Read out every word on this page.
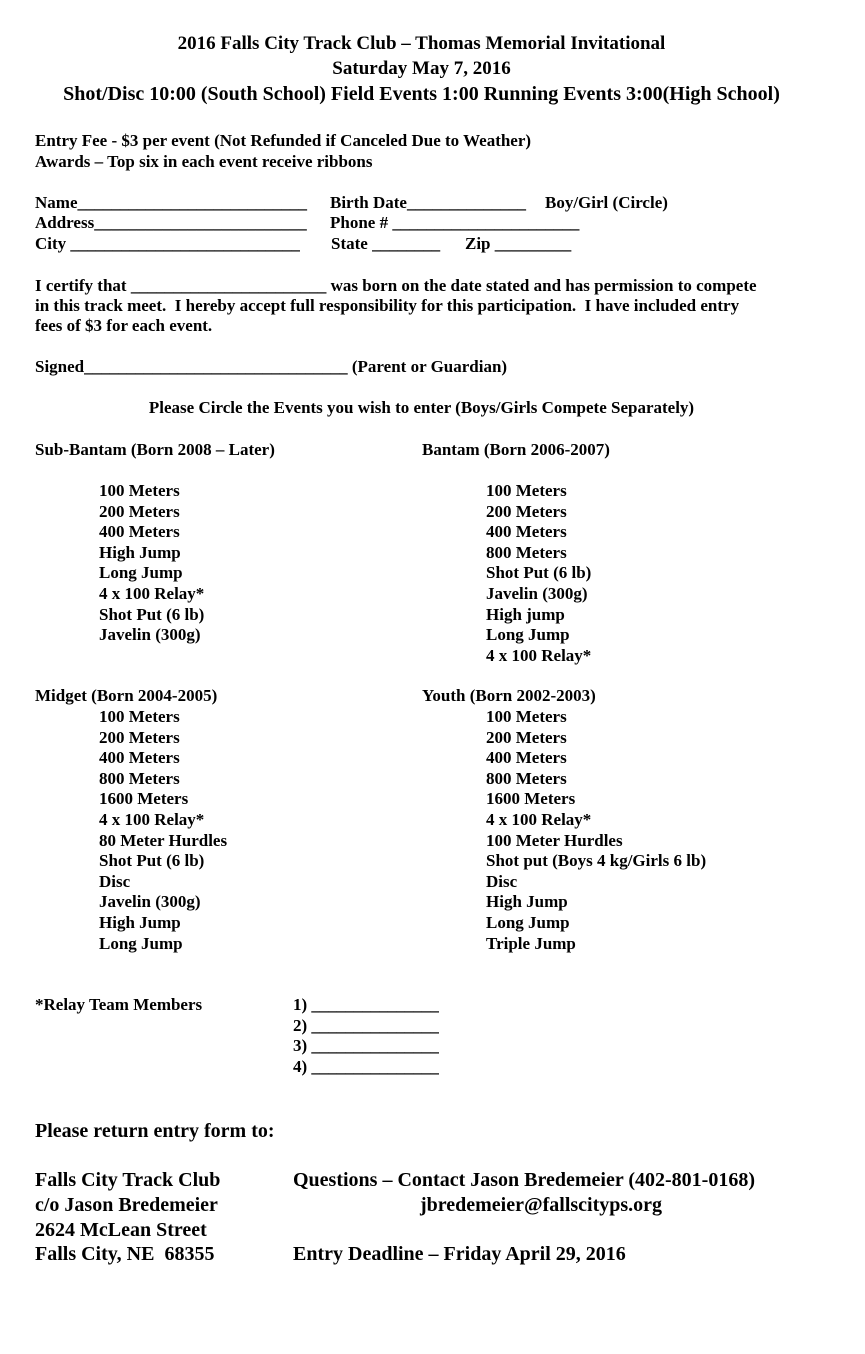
2016 Falls City Track Club – Thomas Memorial Invitational
Saturday May 7, 2016
Shot/Disc 10:00 (South School) Field Events 1:00 Running Events 3:00(High School)
Entry Fee - $3 per event (Not Refunded if Canceled Due to Weather)
Awards – Top six in each event receive ribbons
Name___________________________ Birth Date______________ Boy/Girl (Circle)
Address_________________________ Phone # ______________________
City ___________________________ State ________ Zip _________
I certify that _______________________ was born on the date stated and has permission to compete
in this track meet.  I hereby accept full responsibility for this participation.  I have included entry
fees of $3 for each event.
Signed_______________________________ (Parent or Guardian)
Please Circle the Events you wish to enter (Boys/Girls Compete Separately)
Sub-Bantam (Born 2008 – Later)
100 Meters
200 Meters
400 Meters
High Jump
Long Jump
4 x 100 Relay*
Shot Put (6 lb)
Javelin (300g)
Bantam (Born 2006-2007)
100 Meters
200 Meters
400 Meters
800 Meters
Shot Put (6 lb)
Javelin (300g)
High jump
Long Jump
4 x 100 Relay*
Midget (Born 2004-2005)
100 Meters
200 Meters
400 Meters
800 Meters
1600 Meters
4 x 100 Relay*
80 Meter Hurdles
Shot Put (6 lb)
Disc
Javelin (300g)
High Jump
Long Jump
Youth (Born 2002-2003)
100 Meters
200 Meters
400 Meters
800 Meters
1600 Meters
4 x 100 Relay*
100 Meter Hurdles
Shot put (Boys 4 kg/Girls 6 lb)
Disc
High Jump
Long Jump
Triple Jump
*Relay Team Members	1) _______________
2) _______________
3) _______________
4) _______________
Please return entry form to:
Falls City Track Club
c/o Jason Bredemeier
2624 McLean Street
Falls City, NE  68355
Questions – Contact Jason Bredemeier (402-801-0168)
jbredemeier@fallscityps.org
Entry Deadline – Friday April 29, 2016
